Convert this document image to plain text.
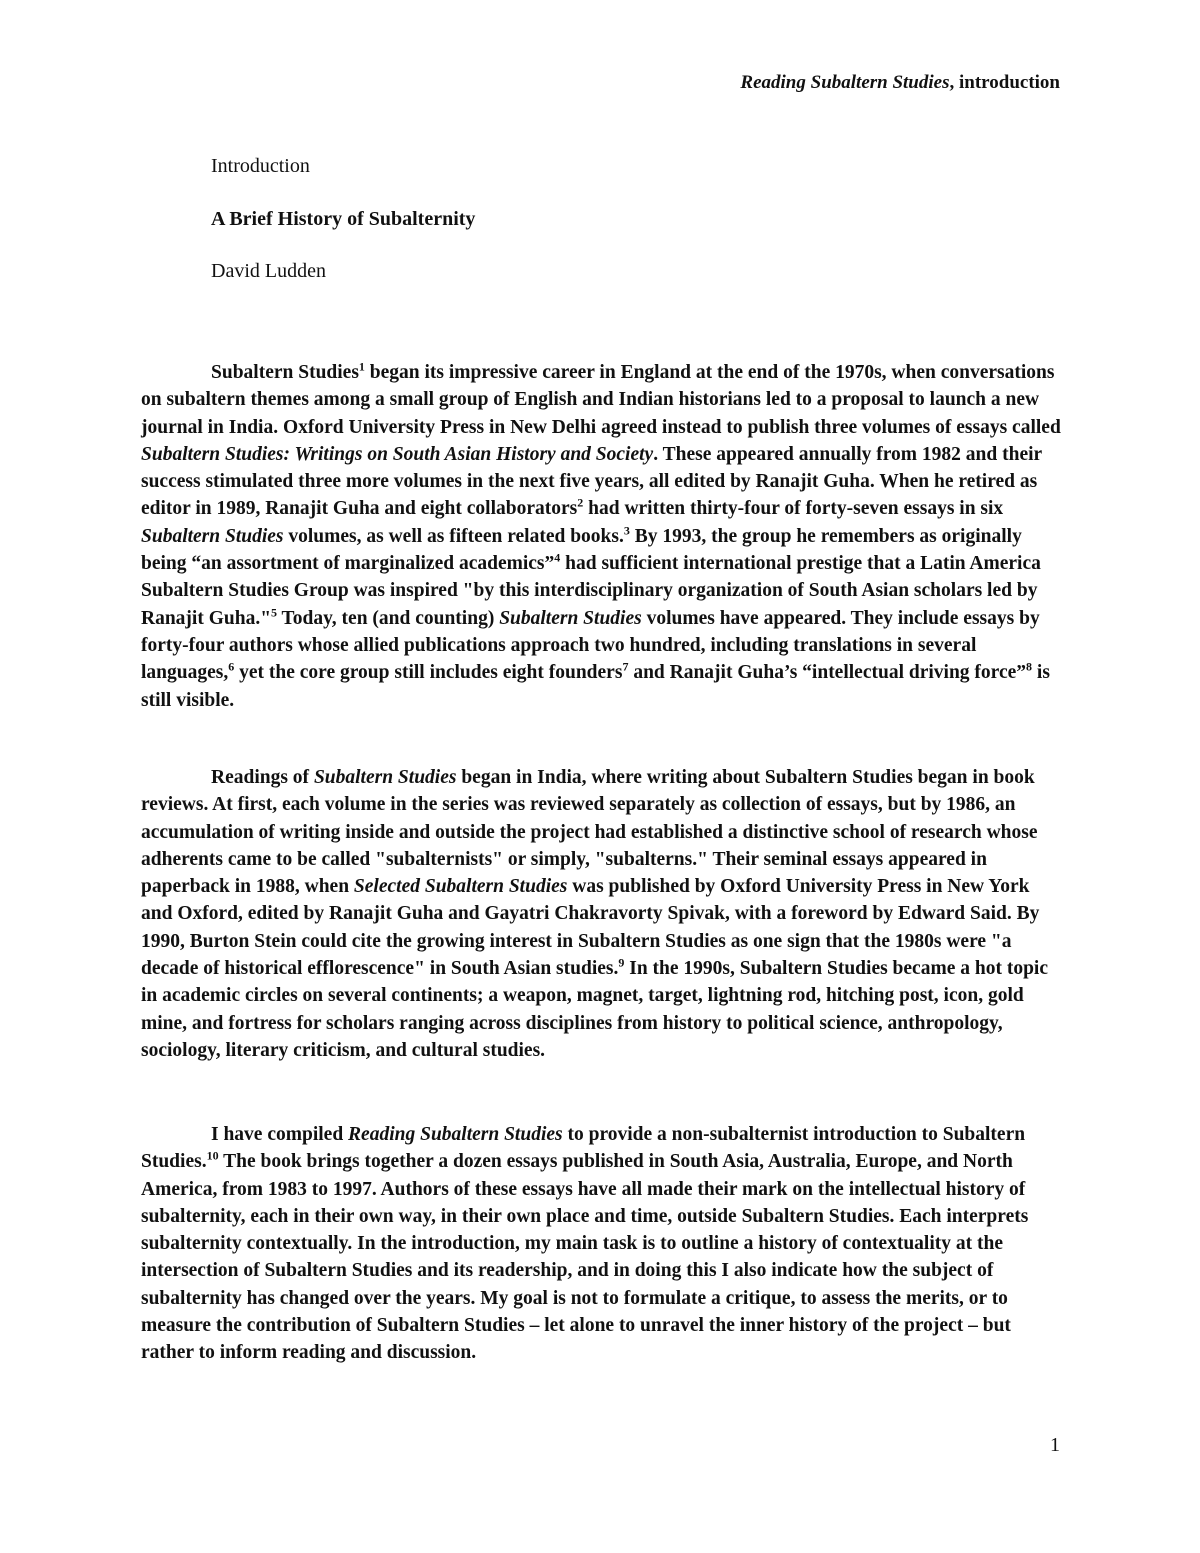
Reading Subaltern Studies, introduction
Introduction
A Brief History of Subalternity
David Ludden

Subaltern Studies$^1$ began its impressive career in England at the end of the 1970s, when conversations on subaltern themes among a small group of English and Indian historians led to a proposal to launch a new journal in India. Oxford University Press in New Delhi agreed instead to publish three volumes of essays called Subaltern Studies: Writings on South Asian History and Society. These appeared annually from 1982 and their success stimulated three more volumes in the next five years, all edited by Ranajit Guha. When he retired as editor in 1989, Ranajit Guha and eight collaborators$^2$ had written thirty-four of forty-seven essays in six Subaltern Studies volumes, as well as fifteen related books.$^3$ By 1993, the group he remembers as originally being “an assortment of marginalized academics”$^4$ had sufficient international prestige that a Latin America Subaltern Studies Group was inspired "by this interdisciplinary organization of South Asian scholars led by Ranajit Guha."$^5$ Today, ten (and counting) Subaltern Studies volumes have appeared. They include essays by forty-four authors whose allied publications approach two hundred, including translations in several languages,$^6$ yet the core group still includes eight founders$^7$ and Ranajit Guha’s “intellectual driving force”$^8$ is still visible.

Readings of Subaltern Studies began in India, where writing about Subaltern Studies began in book reviews. At first, each volume in the series was reviewed separately as collection of essays, but by 1986, an accumulation of writing inside and outside the project had established a distinctive school of research whose adherents came to be called "subalternists" or simply, "subalterns." Their seminal essays appeared in paperback in 1988, when Selected Subaltern Studies was published by Oxford University Press in New York and Oxford, edited by Ranajit Guha and Gayatri Chakravorty Spivak, with a foreword by Edward Said. By 1990, Burton Stein could cite the growing interest in Subaltern Studies as one sign that the 1980s were "a decade of historical efflorescence" in South Asian studies.$^9$ In the 1990s, Subaltern Studies became a hot topic in academic circles on several continents; a weapon, magnet, target, lightning rod, hitching post, icon, gold mine, and fortress for scholars ranging across disciplines from history to political science, anthropology, sociology, literary criticism, and cultural studies.

I have compiled Reading Subaltern Studies to provide a non-subalternist introduction to Subaltern Studies.$^{10}$ The book brings together a dozen essays published in South Asia, Australia, Europe, and North America, from 1983 to 1997. Authors of these essays have all made their mark on the intellectual history of subalternity, each in their own way, in their own place and time, outside Subaltern Studies. Each interprets subalternity contextually. In the introduction, my main task is to outline a history of contextuality at the intersection of Subaltern Studies and its readership, and in doing this I also indicate how the subject of subalternity has changed over the years. My goal is not to formulate a critique, to assess the merits, or to measure the contribution of Subaltern Studies – let alone to unravel the inner history of the project – but rather to inform reading and discussion.

1
